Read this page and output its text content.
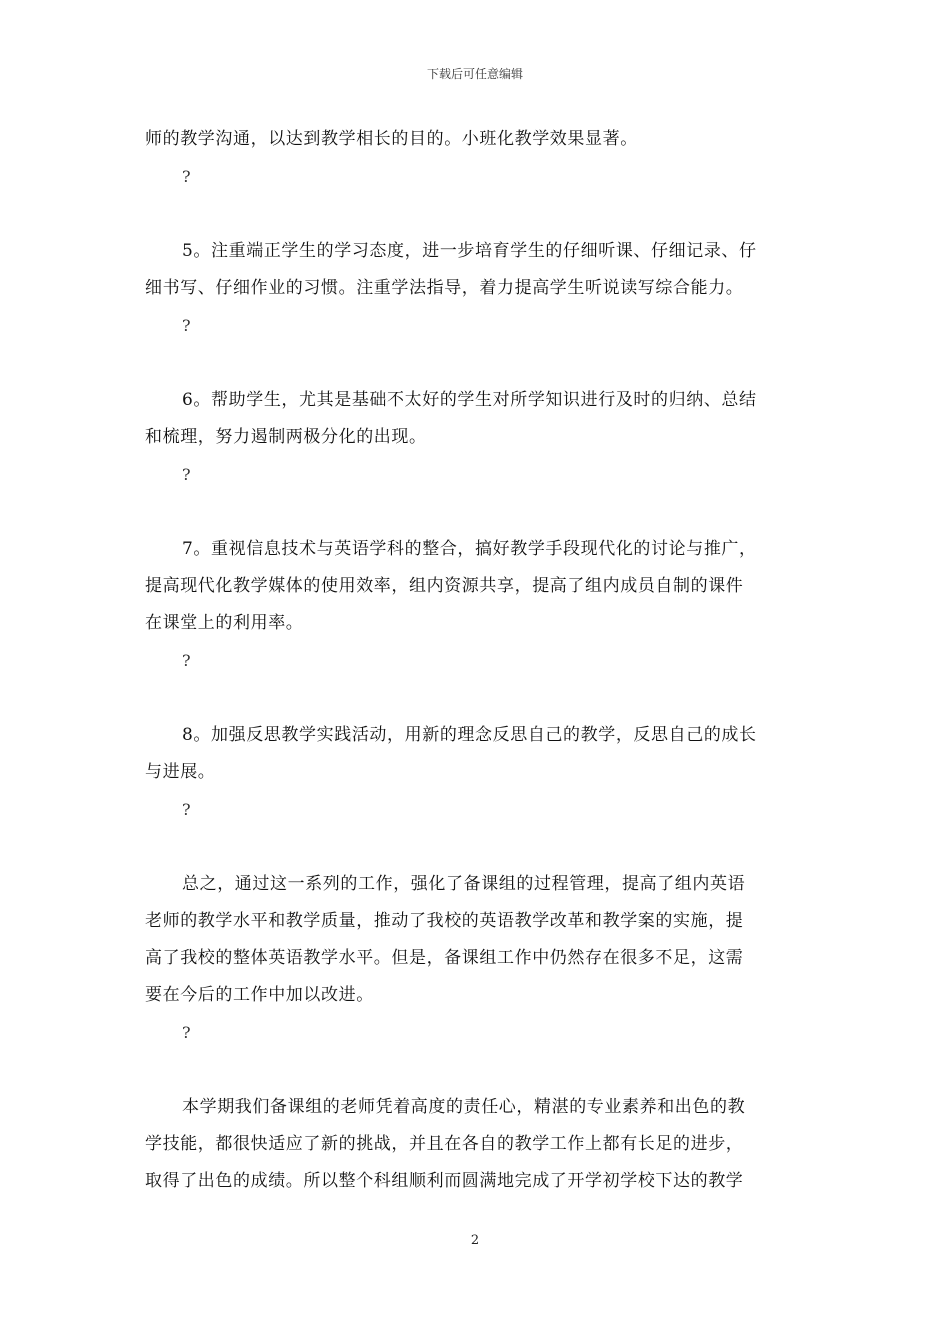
下载后可任意编辑
师的教学沟通，以达到教学相长的目的。小班化教学效果显著。
?
5。注重端正学生的学习态度，进一步培育学生的仔细听课、仔细记录、仔
细书写、仔细作业的习惯。注重学法指导，着力提高学生听说读写综合能力。
?
6。帮助学生，尤其是基础不太好的学生对所学知识进行及时的归纳、总结
和梳理，努力遏制两极分化的出现。
?
7。重视信息技术与英语学科的整合，搞好教学手段现代化的讨论与推广，
提高现代化教学媒体的使用效率，组内资源共享，提高了组内成员自制的课件
在课堂上的利用率。
?
8。加强反思教学实践活动，用新的理念反思自己的教学，反思自己的成长
与进展。
?
总之，通过这一系列的工作，强化了备课组的过程管理，提高了组内英语
老师的教学水平和教学质量，推动了我校的英语教学改革和教学案的实施，提
高了我校的整体英语教学水平。但是，备课组工作中仍然存在很多不足，这需
要在今后的工作中加以改进。
?
本学期我们备课组的老师凭着高度的责任心，精湛的专业素养和出色的教
学技能，都很快适应了新的挑战，并且在各自的教学工作上都有长足的进步，
取得了出色的成绩。所以整个科组顺利而圆满地完成了开学初学校下达的教学
2
